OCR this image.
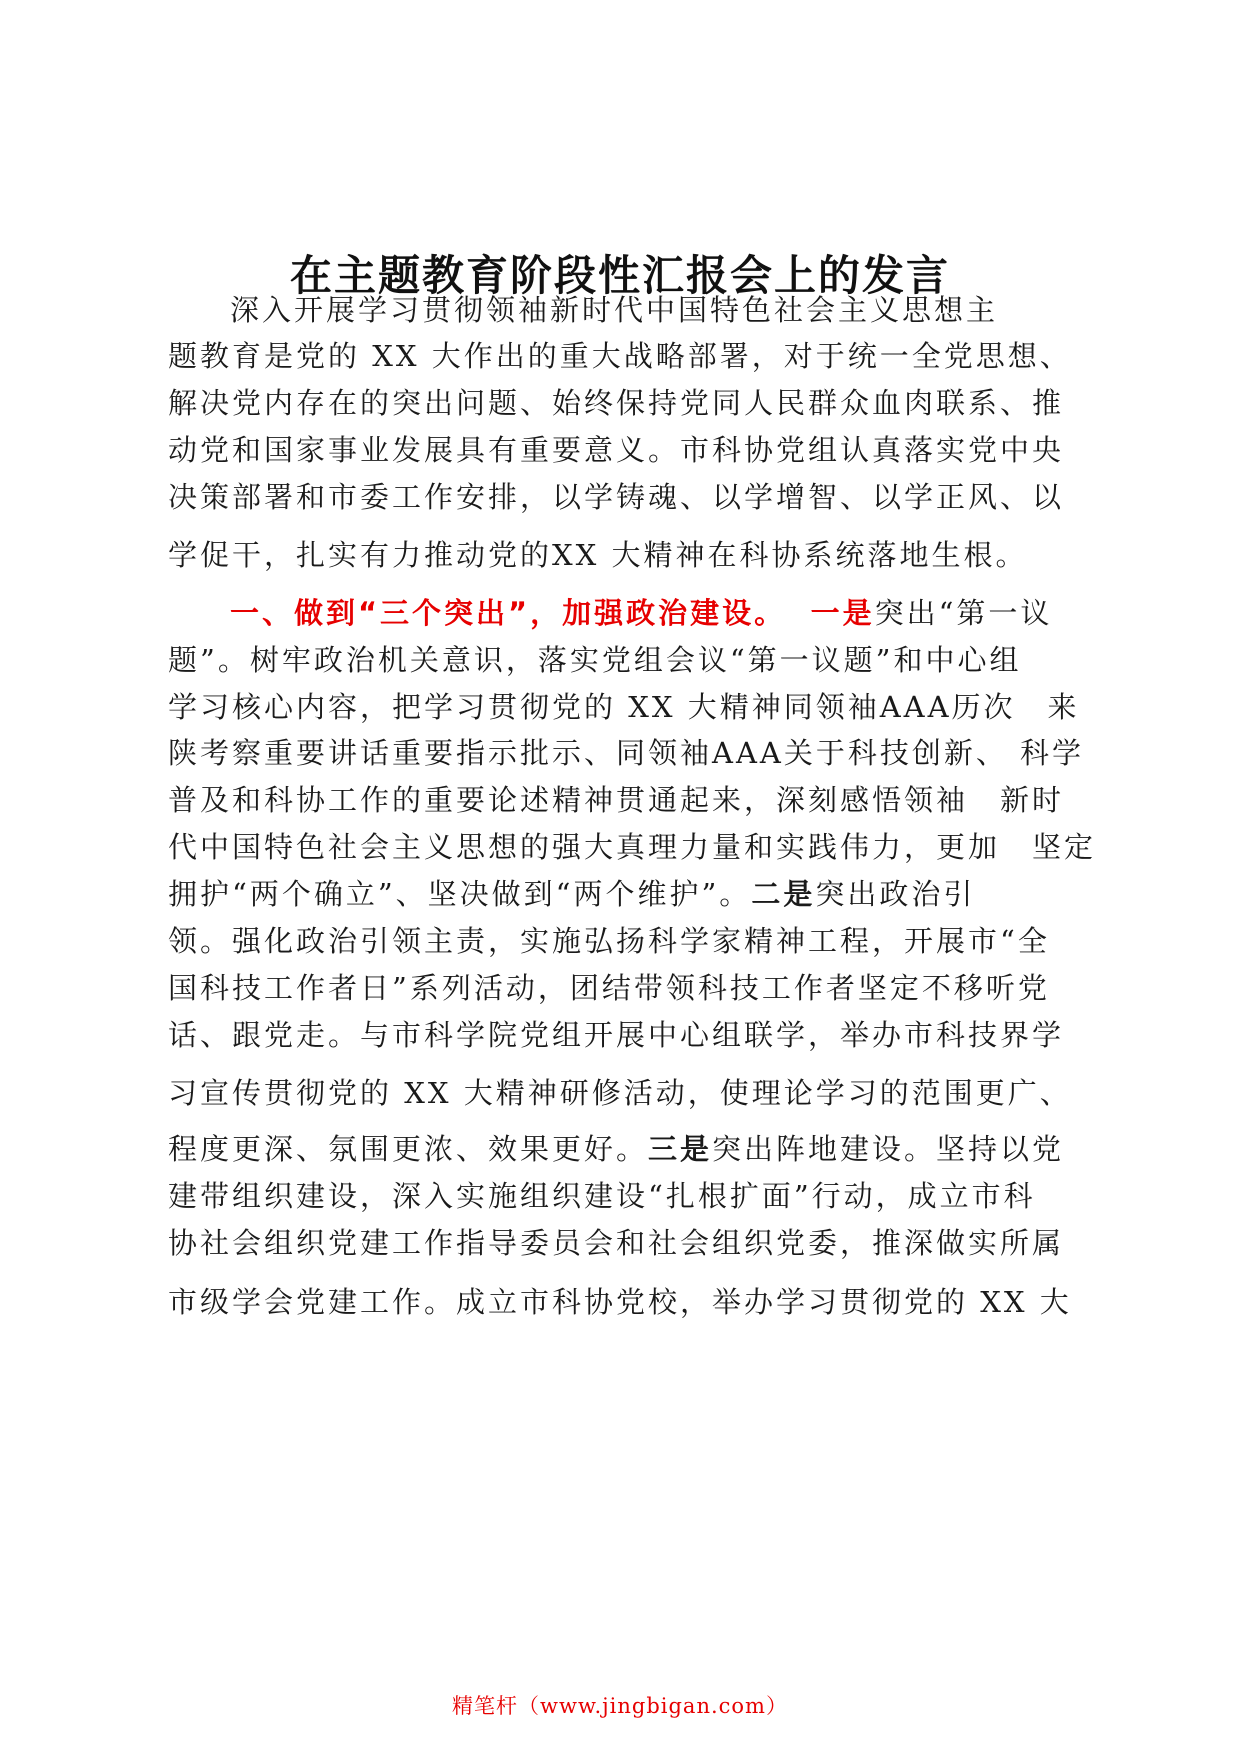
在主题教育阶段性汇报会上的发言
深入开展学习贯彻领袖新时代中国特色社会主义思想主
题教育是党的 XX 大作出的重大战略部署，对于统一全党思想、
解决党内存在的突出问题、始终保持党同人民群众血肉联系、推
动党和国家事业发展具有重要意义。市科协党组认真落实党中央
决策部署和市委工作安排，以学铸魂、以学增智、以学正风、以
学促干，扎实有力推动党的XX 大精神在科协系统落地生根。
一、做到“三个突出”，加强政治建设。 一是突出“第一议
题”。树牢政治机关意识，落实党组会议“第一议题”和中心组
学习核心内容，把学习贯彻党的 XX 大精神同领袖AAA历次　来
陕考察重要讲话重要指示批示、同领袖AAA关于科技创新、 科学
普及和科协工作的重要论述精神贯通起来，深刻感悟领袖　新时
代中国特色社会主义思想的强大真理力量和实践伟力，更加　坚定
拥护“两个确立”、坚决做到“两个维护”。二是突出政治引
领。强化政治引领主责，实施弘扬科学家精神工程，开展市“全
国科技工作者日”系列活动，团结带领科技工作者坚定不移听党
话、跟党走。与市科学院党组开展中心组联学，举办市科技界学
习宣传贯彻党的 XX 大精神研修活动，使理论学习的范围更广、
程度更深、氛围更浓、效果更好。三是突出阵地建设。坚持以党
建带组织建设，深入实施组织建设“扎根扩面”行动，成立市科
协社会组织党建工作指导委员会和社会组织党委，推深做实所属
市级学会党建工作。成立市科协党校，举办学习贯彻党的 XX 大
精笔杆（www.jingbigan.com）
